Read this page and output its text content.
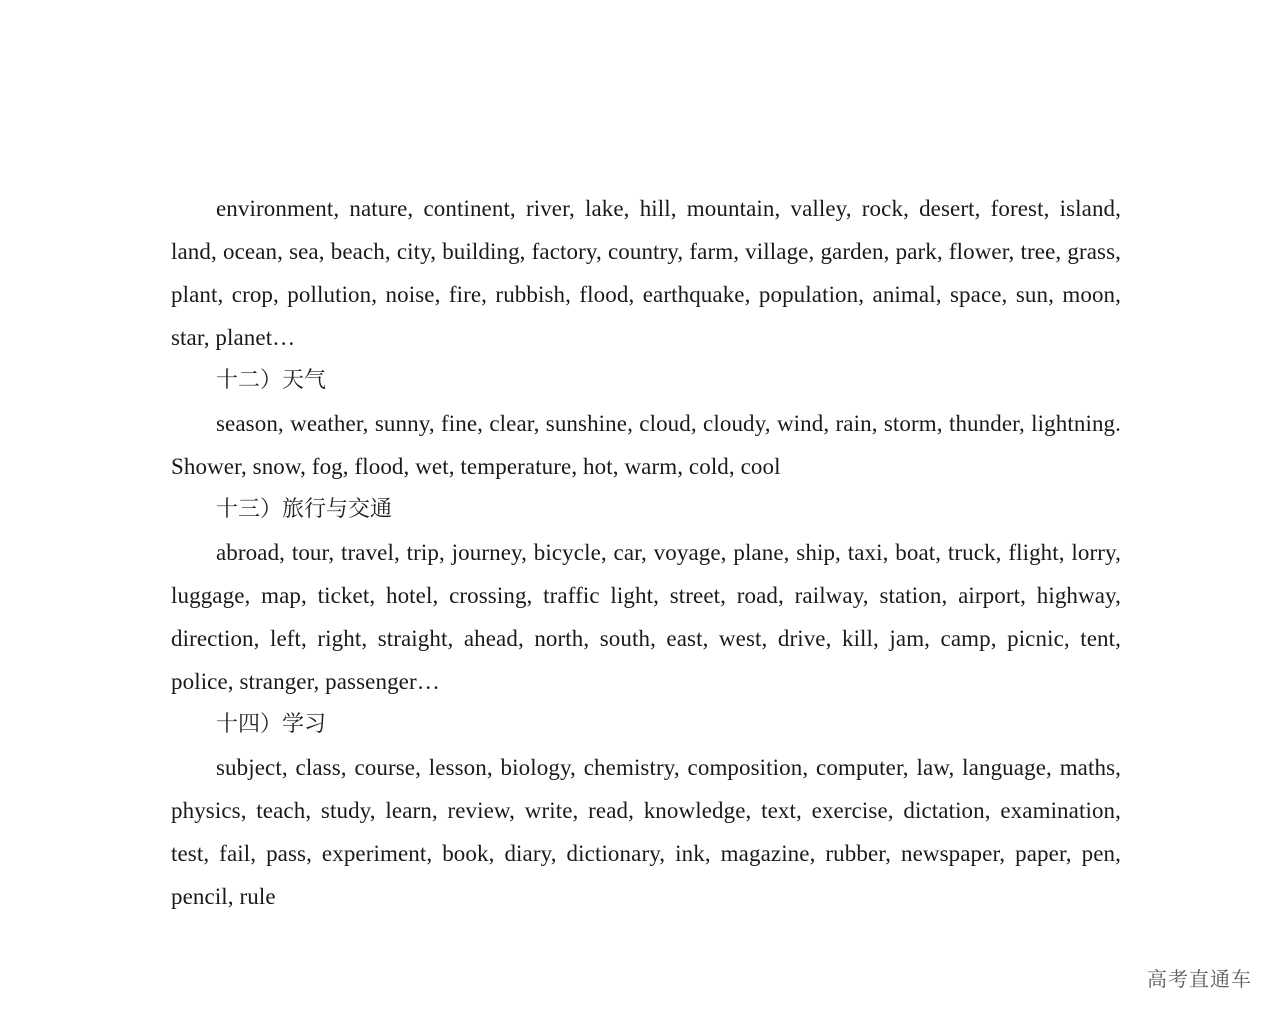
environment, nature, continent, river, lake, hill, mountain, valley, rock, desert, forest, island, land, ocean, sea, beach, city, building, factory, country, farm, village, garden, park, flower, tree, grass, plant, crop, pollution, noise, fire, rubbish, flood, earthquake, population, animal, space, sun, moon, star, planet…

十二）天气

season, weather, sunny, fine, clear, sunshine, cloud, cloudy, wind, rain, storm, thunder, lightning. Shower, snow, fog, flood, wet, temperature, hot, warm, cold, cool

十三）旅行与交通

abroad, tour, travel, trip, journey, bicycle, car, voyage, plane, ship, taxi, boat, truck, flight, lorry, luggage, map, ticket, hotel, crossing, traffic light, street, road, railway, station, airport, highway, direction, left, right, straight, ahead, north, south, east, west, drive, kill, jam, camp, picnic, tent, police, stranger, passenger…

十四）学习

subject, class, course, lesson, biology, chemistry, composition, computer, law, language, maths, physics, teach, study, learn, review, write, read, knowledge, text, exercise, dictation, examination, test, fail, pass, experiment, book, diary, dictionary, ink, magazine, rubber, newspaper, paper, pen, pencil, rule

高考直通车
